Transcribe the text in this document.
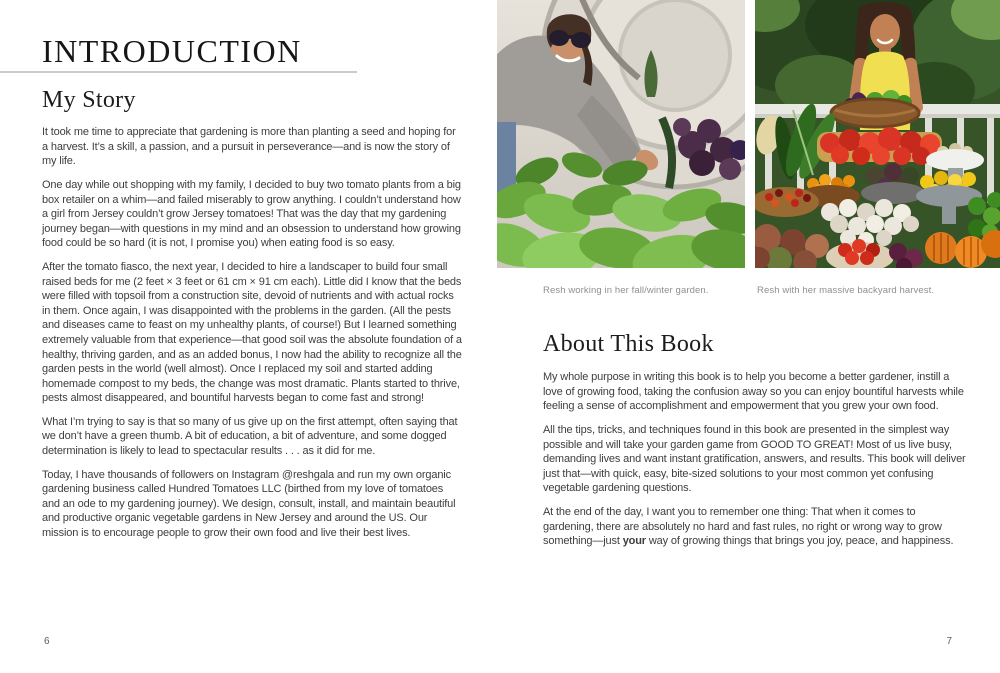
INTRODUCTION
My Story

It took me time to appreciate that gardening is more than planting a seed and hoping for a harvest. It’s a skill, a passion, and a pursuit in perseverance—and is now the story of my life.

One day while out shopping with my family, I decided to buy two tomato plants from a big box retailer on a whim—and failed miserably to grow anything. I couldn’t understand how a girl from Jersey couldn’t grow Jersey tomatoes! That was the day that my gardening journey began—with questions in my mind and an obsession to understand how growing food could be so hard (it is not, I promise you) when eating food is so easy.

After the tomato fiasco, the next year, I decided to hire a landscaper to build four small raised beds for me (2 feet × 3 feet or 61 cm × 91 cm each). Little did I know that the beds were filled with topsoil from a construction site, devoid of nutrients and with actual rocks in them. Once again, I was disappointed with the problems in the garden. (All the pests and diseases came to feast on my unhealthy plants, of course!) But I learned something extremely valuable from that experience—that good soil was the absolute foundation of a healthy, thriving garden, and as an added bonus, I now had the ability to recognize all the garden pests in the world (well almost). Once I replaced my soil and started adding homemade compost to my beds, the change was most dramatic. Plants started to thrive, pests almost disappeared, and bountiful harvests began to come fast and strong!

What I’m trying to say is that so many of us give up on the first attempt, often saying that we don’t have a green thumb. A bit of education, a bit of adventure, and some dogged determination is likely to lead to spectacular results . . . as it did for me.

Today, I have thousands of followers on Instagram @reshgala and run my own organic gardening business called Hundred Tomatoes LLC (birthed from my love of tomatoes and an ode to my gardening journey). We design, consult, install, and maintain beautiful and productive organic vegetable gardens in New Jersey and around the US. Our mission is to encourage people to grow their own food and live their best lives.

6
Resh working in her fall/winter garden.	Resh with her massive backyard harvest.
About This Book

My whole purpose in writing this book is to help you become a better gardener, instill a love of growing food, taking the confusion away so you can enjoy bountiful harvests while feeling a sense of accomplishment and empowerment that you grew your own food.

All the tips, tricks, and techniques found in this book are presented in the simplest way possible and will take your garden game from GOOD TO GREAT! Most of us live busy, demanding lives and want instant gratification, answers, and results. This book will deliver just that—with quick, easy, bite-sized solutions to your most common yet confusing vegetable gardening questions.

At the end of the day, I want you to remember one thing: That when it comes to gardening, there are absolutely no hard and fast rules, no right or wrong way to grow something—just your way of growing things that brings you joy, peace, and happiness.

7
